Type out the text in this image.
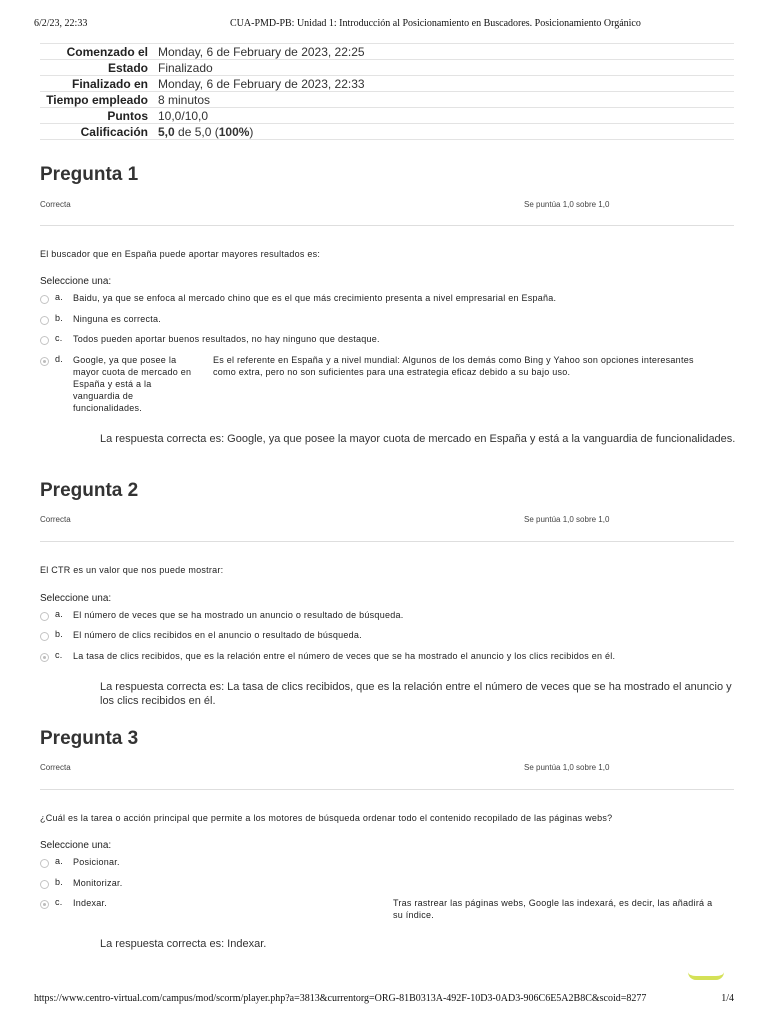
6/2/23, 22:33	CUA-PMD-PB: Unidad 1: Introducción al Posicionamiento en Buscadores. Posicionamiento Orgánico
Comenzado el	Monday, 6 de February de 2023, 22:25
Estado	Finalizado
Finalizado en	Monday, 6 de February de 2023, 22:33
Tiempo empleado	8 minutos
Puntos	10,0/10,0
Calificación	5,0 de 5,0 (100%)
Pregunta 1
Correcta	Se puntúa 1,0 sobre 1,0
El buscador que en España puede aportar mayores resultados es:
Seleccione una:
a. Baidu, ya que se enfoca al mercado chino que es el que más crecimiento presenta a nivel empresarial en España.
b. Ninguna es correcta.
c. Todos pueden aportar buenos resultados, no hay ninguno que destaque.
d. Google, ya que posee la mayor cuota de mercado en España y está a la vanguardia de funcionalidades.
Es el referente en España y a nivel mundial: Algunos de los demás como Bing y Yahoo son opciones interesantes como extra, pero no son suficientes para una estrategia eficaz debido a su bajo uso.
La respuesta correcta es: Google, ya que posee la mayor cuota de mercado en España y está a la vanguardia de funcionalidades.
Pregunta 2
Correcta	Se puntúa 1,0 sobre 1,0
El CTR es un valor que nos puede mostrar:
Seleccione una:
a. El número de veces que se ha mostrado un anuncio o resultado de búsqueda.
b. El número de clics recibidos en el anuncio o resultado de búsqueda.
c. La tasa de clics recibidos, que es la relación entre el número de veces que se ha mostrado el anuncio y los clics recibidos en él.
La respuesta correcta es: La tasa de clics recibidos, que es la relación entre el número de veces que se ha mostrado el anuncio y los clics recibidos en él.
Pregunta 3
Correcta	Se puntúa 1,0 sobre 1,0
¿Cuál es la tarea o acción principal que permite a los motores de búsqueda ordenar todo el contenido recopilado de las páginas webs?
Seleccione una:
a. Posicionar.
b. Monitorizar.
c. Indexar.	Tras rastrear las páginas webs, Google las indexará, es decir, las añadirá a su índice.
La respuesta correcta es: Indexar.
https://www.centro-virtual.com/campus/mod/scorm/player.php?a=3813&currentorg=ORG-81B0313A-492F-10D3-0AD3-906C6E5A2B8C&scoid=8277	1/4
